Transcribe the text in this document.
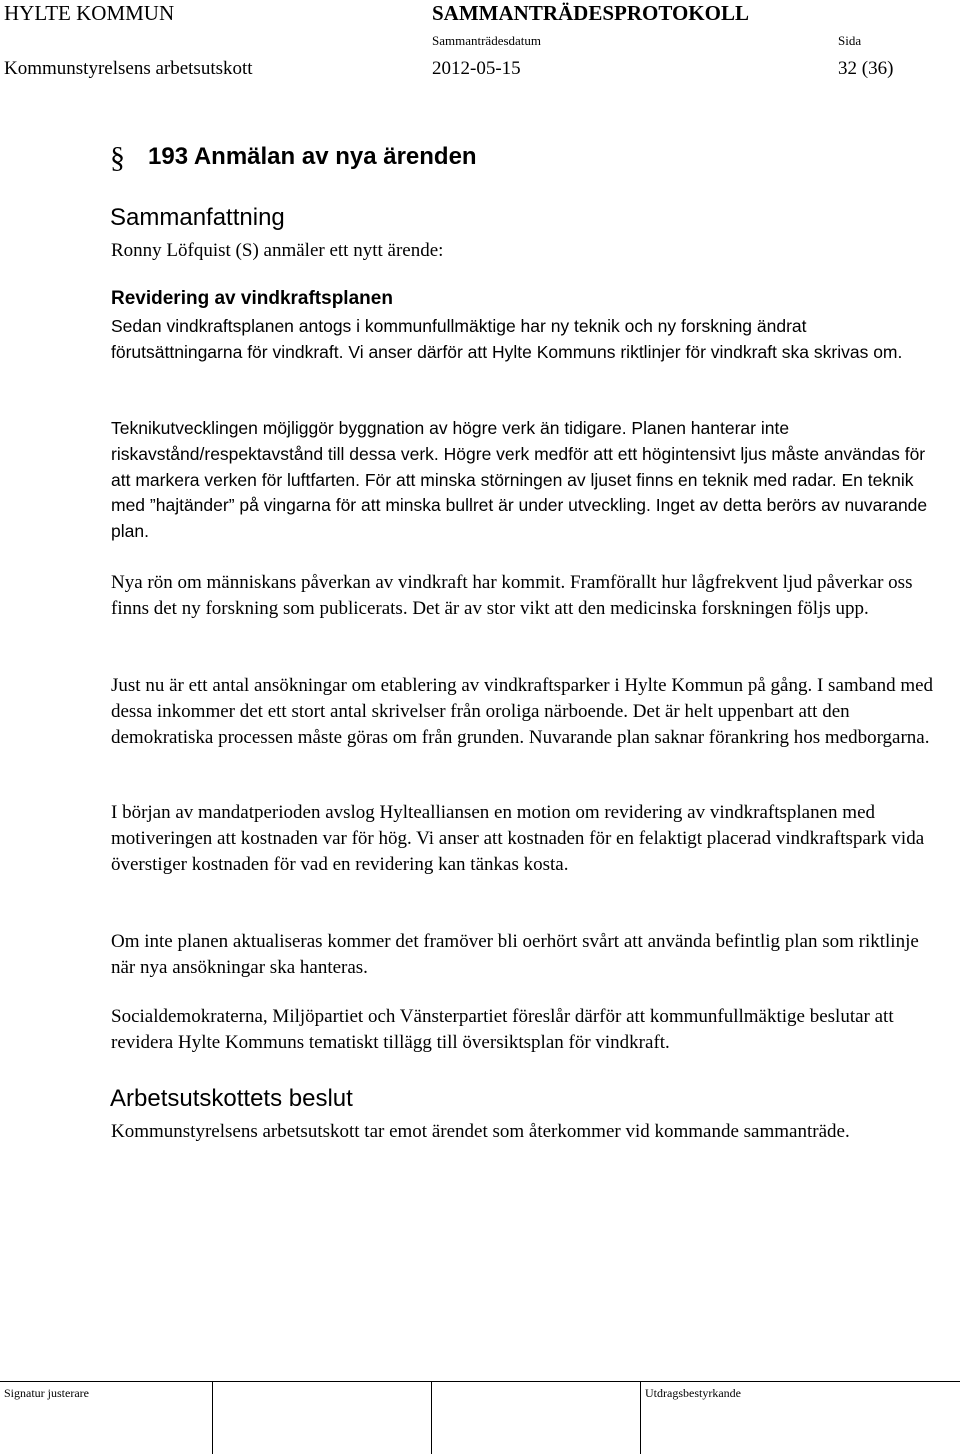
HYLTE KOMMUN	SAMMANTRÄDESPROTOKOLL
Sammanträdesdatum	Sida
Kommunstyrelsens arbetsutskott	2012-05-15	32 (36)
§ 193 Anmälan av nya ärenden
Sammanfattning
Ronny Löfquist (S) anmäler ett nytt ärende:
Revidering av vindkraftsplanen

Sedan vindkraftsplanen antogs i kommunfullmäktige har ny teknik och ny forskning ändrat förutsättningarna för vindkraft. Vi anser därför att Hylte Kommuns riktlinjer för vindkraft ska skrivas om.

Teknikutvecklingen möjliggör byggnation av högre verk än tidigare. Planen hanterar inte riskavstånd/respektavstånd till dessa verk. Högre verk medför att ett högintensivt ljus måste användas för att markera verken för luftfarten. För att minska störningen av ljuset finns en teknik med radar. En teknik med ”hajtänder” på vingarna för att minska bullret är under utveckling. Inget av detta berörs av nuvarande plan.

Nya rön om människans påverkan av vindkraft har kommit. Framförallt hur lågfrekvent ljud påverkar oss finns det ny forskning som publicerats. Det är av stor vikt att den medicinska forskningen följs upp.

Just nu är ett antal ansökningar om etablering av vindkraftsparker i Hylte Kommun på gång. I samband med dessa inkommer det ett stort antal skrivelser från oroliga närboende. Det är helt uppenbart att den demokratiska processen måste göras om från grunden. Nuvarande plan saknar förankring hos medborgarna.

I början av mandatperioden avslog Hyltealliansen en motion om revidering av vindkraftsplanen med motiveringen att kostnaden var för hög. Vi anser att kostnaden för en felaktigt placerad vindkraftspark vida överstiger kostnaden för vad en revidering kan tänkas kosta.

Om inte planen aktualiseras kommer det framöver bli oerhört svårt att använda befintlig plan som riktlinje när nya ansökningar ska hanteras.

Socialdemokraterna, Miljöpartiet och Vänsterpartiet föreslår därför att kommunfullmäktige beslutar att revidera Hylte Kommuns tematiskt tillägg till översiktsplan för vindkraft.

Arbetsutskottets beslut

Kommunstyrelsens arbetsutskott tar emot ärendet som återkommer vid kommande sammanträde.

Signatur justerare	Utdragsbestyrkande
